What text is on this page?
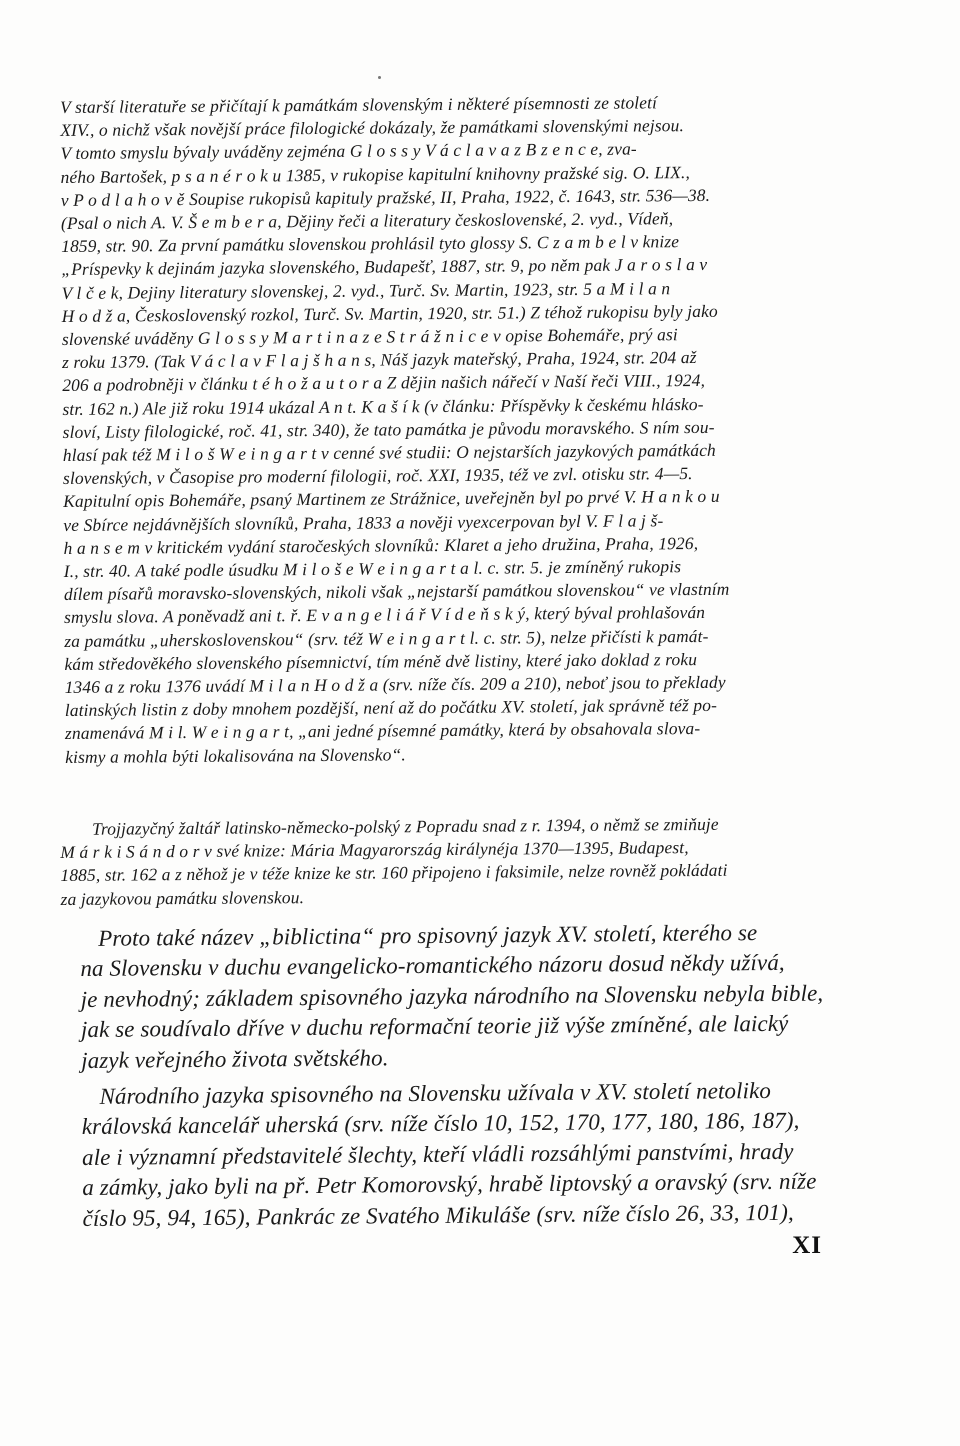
V starší literatuře se přičítají k památkám slovenským i některé písemnosti ze století
XIV., o nichž však novější práce filologické dokázaly, že památkami slovenskými nejsou.
V tomto smyslu bývaly uváděny zejména G l o s s y V á c l a v a z B z e n c e, zva-
ného Bartošek, p s a n é r o k u 1385, v rukopise kapitulní knihovny pražské sig. O. LIX.,
v P o d l a h o v ě Soupise rukopisů kapituly pražské, II, Praha, 1922, č. 1643, str. 536—38.
(Psal o nich A. V. Š e m b e r a, Dějiny řeči a literatury československé, 2. vyd., Vídeň,
1859, str. 90. Za první památku slovenskou prohlásil tyto glossy S. C z a m b e l v knize
„Príspevky k dejinám jazyka slovenského, Budapešť, 1887, str. 9, po něm pak J a r o s l a v
V l č e k, Dejiny literatury slovenskej, 2. vyd., Turč. Sv. Martin, 1923, str. 5 a M i l a n
H o d ž a, Československý rozkol, Turč. Sv. Martin, 1920, str. 51.) Z téhož rukopisu byly jako
slovenské uváděny G l o s s y M a r t i n a z e S t r á ž n i c e v opise Bohemáře, prý asi
z roku 1379. (Tak V á c l a v F l a j š h a n s, Náš jazyk mateřský, Praha, 1924, str. 204 až
206 a podrobněji v článku t é h o ž a u t o r a Z dějin našich nářečí v Naší řeči VIII., 1924,
str. 162 n.) Ale již roku 1914 ukázal A n t. K a š í k (v článku: Příspěvky k českému hlásko-
sloví, Listy filologické, roč. 41, str. 340), že tato památka je původu moravského. S ním sou-
hlasí pak též M i l o š W e i n g a r t v cenné své studii: O nejstarších jazykových památkách
slovenských, v Časopise pro moderní filologii, roč. XXI, 1935, též ve zvl. otisku str. 4—5.
Kapitulní opis Bohemáře, psaný Martinem ze Strážnice, uveřejněn byl po prvé V. H a n k o u
ve Sbírce nejdávnějších slovníků, Praha, 1833 a nověji vyexcerpovan byl V. F l a j š-
h a n s e m v kritickém vydání staročeských slovníků: Klaret a jeho družina, Praha, 1926,
I., str. 40. A také podle úsudku M i l o š e W e i n g a r t a l. c. str. 5. je zmíněný rukopis
dílem písařů moravsko-slovenských, nikoli však „nejstarší památkou slovenskou“ ve vlastním
smyslu slova. A poněvadž ani t. ř. E v a n g e l i á ř V í d e ň s k ý, který býval prohlašován
za památku „uherskoslovenskou“ (srv. též W e i n g a r t l. c. str. 5), nelze přičísti k památ-
kám středověkého slovenského písemnictví, tím méně dvě listiny, které jako doklad z roku
1346 a z roku 1376 uvádí M i l a n H o d ž a (srv. níže čís. 209 a 210), neboť jsou to překlady
latinských listin z doby mnohem pozdější, není až do počátku XV. století, jak správně též po-
znamenává M i l. W e i n g a r t, „ani jedné písemné památky, která by obsahovala slova-
kismy a mohla býti lokalisována na Slovensko“.
Trojjazyčný žaltář latinsko-německo-polský z Popradu snad z r. 1394, o němž se zmiňuje
M á r k i S á n d o r v své knize: Mária Magyarország királynéja 1370—1395, Budapest,
1885, str. 162 a z něhož je v téže knize ke str. 160 připojeno i faksimile, nelze rovněž pokládati
za jazykovou památku slovenskou.
Proto také název „biblictina“ pro spisovný jazyk XV. století, kterého se
na Slovensku v duchu evangelicko-romantického názoru dosud někdy užívá,
je nevhodný; základem spisovného jazyka národního na Slovensku nebyla bible,
jak se soudívalo dříve v duchu reformační teorie již výše zmíněné, ale laický
jazyk veřejného života světského.
Národního jazyka spisovného na Slovensku užívala v XV. století netoliko
královská kancelář uherská (srv. níže číslo 10, 152, 170, 177, 180, 186, 187),
ale i významní představitelé šlechty, kteří vládli rozsáhlými panstvími, hrady
a zámky, jako byli na př. Petr Komorovský, hrabě liptovský a oravský (srv. níže
číslo 95, 94, 165), Pankrác ze Svatého Mikuláše (srv. níže číslo 26, 33, 101),
XI
